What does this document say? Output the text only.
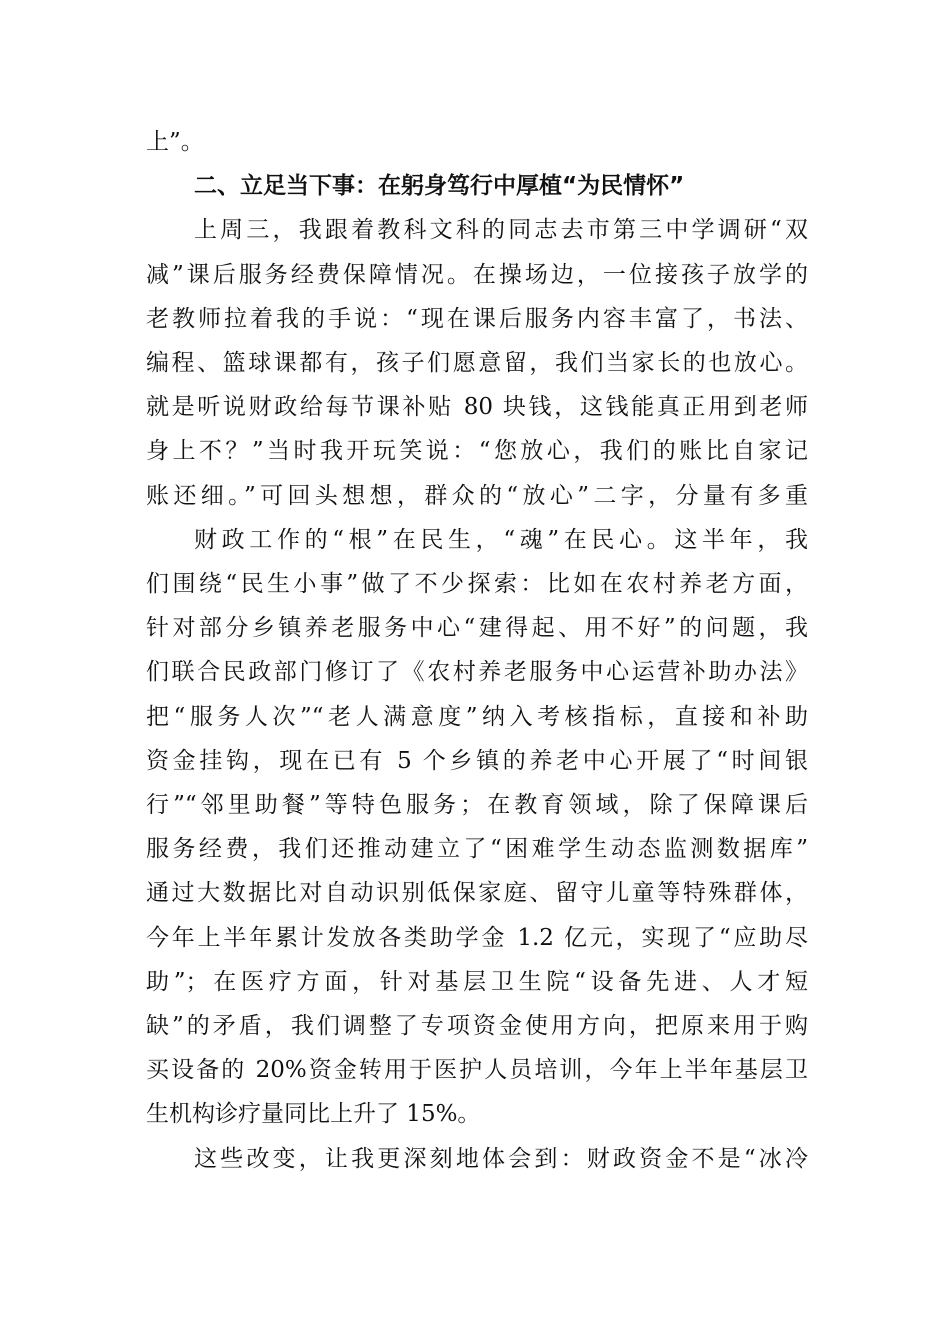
上”。
二、立足当下事：在躬身笃行中厚植“为民情怀”
上周三，我跟着教科文科的同志去市第三中学调研“双
减”课后服务经费保障情况。在操场边，一位接孩子放学的
老教师拉着我的手说：“现在课后服务内容丰富了，书法、
编程、篮球课都有，孩子们愿意留，我们当家长的也放心。
就是听说财政给每节课补贴 80 块钱，这钱能真正用到老师
身上不？”当时我开玩笑说：“您放心，我们的账比自家记
账还细。”可回头想想，群众的“放心”二字，分量有多重
财政工作的“根”在民生，“魂”在民心。这半年，我
们围绕“民生小事”做了不少探索：比如在农村养老方面，
针对部分乡镇养老服务中心“建得起、用不好”的问题，我
们联合民政部门修订了《农村养老服务中心运营补助办法》
把“服务人次”“老人满意度”纳入考核指标，直接和补助
资金挂钩，现在已有 5 个乡镇的养老中心开展了“时间银
行”“邻里助餐”等特色服务；在教育领域，除了保障课后
服务经费，我们还推动建立了“困难学生动态监测数据库”
通过大数据比对自动识别低保家庭、留守儿童等特殊群体，
今年上半年累计发放各类助学金 1.2 亿元，实现了“应助尽
助”；在医疗方面，针对基层卫生院“设备先进、人才短
缺”的矛盾，我们调整了专项资金使用方向，把原来用于购
买设备的 20%资金转用于医护人员培训，今年上半年基层卫
生机构诊疗量同比上升了 15%。
这些改变，让我更深刻地体会到：财政资金不是“冰冷
